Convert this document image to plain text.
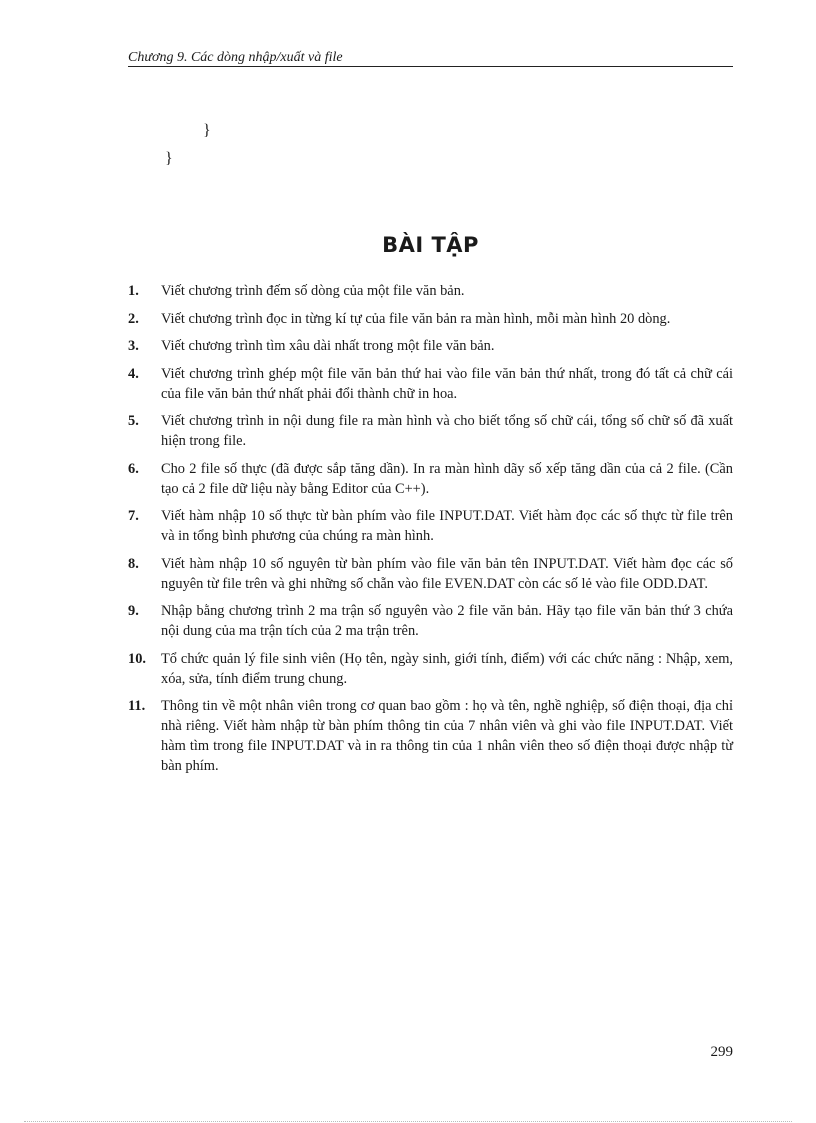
Chương 9. Các dòng nhập/xuất và file
}
}
BÀI TẬP
1.	Viết chương trình đếm số dòng của một file văn bản.
2.	Viết chương trình đọc in từng kí tự của file văn bản ra màn hình, mỗi màn hình 20 dòng.
3.	Viết chương trình tìm xâu dài nhất trong một file văn bản.
4.	Viết chương trình ghép một file văn bản thứ hai vào file văn bản thứ nhất, trong đó tất cả chữ cái của file văn bản thứ nhất phải đổi thành chữ in hoa.
5.	Viết chương trình in nội dung file ra màn hình và cho biết tổng số chữ cái, tổng số chữ số đã xuất hiện trong file.
6.	Cho 2 file số thực (đã được sắp tăng dần). In ra màn hình dãy số xếp tăng dần của cả 2 file. (Cần tạo cả 2 file dữ liệu này bằng Editor của C++).
7.	Viết hàm nhập 10 số thực từ bàn phím vào file INPUT.DAT. Viết hàm đọc các số thực từ file trên và in tổng bình phương của chúng ra màn hình.
8.	Viết hàm nhập 10 số nguyên từ bàn phím vào file văn bản tên INPUT.DAT. Viết hàm đọc các số nguyên từ file trên và ghi những số chẵn vào file EVEN.DAT còn các số lẻ vào file ODD.DAT.
9.	Nhập bằng chương trình 2 ma trận số nguyên vào 2 file văn bản. Hãy tạo file văn bản thứ 3 chứa nội dung của ma trận tích của 2 ma trận trên.
10.	Tổ chức quản lý file sinh viên (Họ tên, ngày sinh, giới tính, điểm) với các chức năng : Nhập, xem, xóa, sửa, tính điểm trung chung.
11.	Thông tin về một nhân viên trong cơ quan bao gồm : họ và tên, nghề nghiệp, số điện thoại, địa chỉ nhà riêng. Viết hàm nhập từ bàn phím thông tin của 7 nhân viên và ghi vào file INPUT.DAT. Viết hàm tìm trong file INPUT.DAT và in ra thông tin của 1 nhân viên theo số điện thoại được nhập từ bàn phím.
299
